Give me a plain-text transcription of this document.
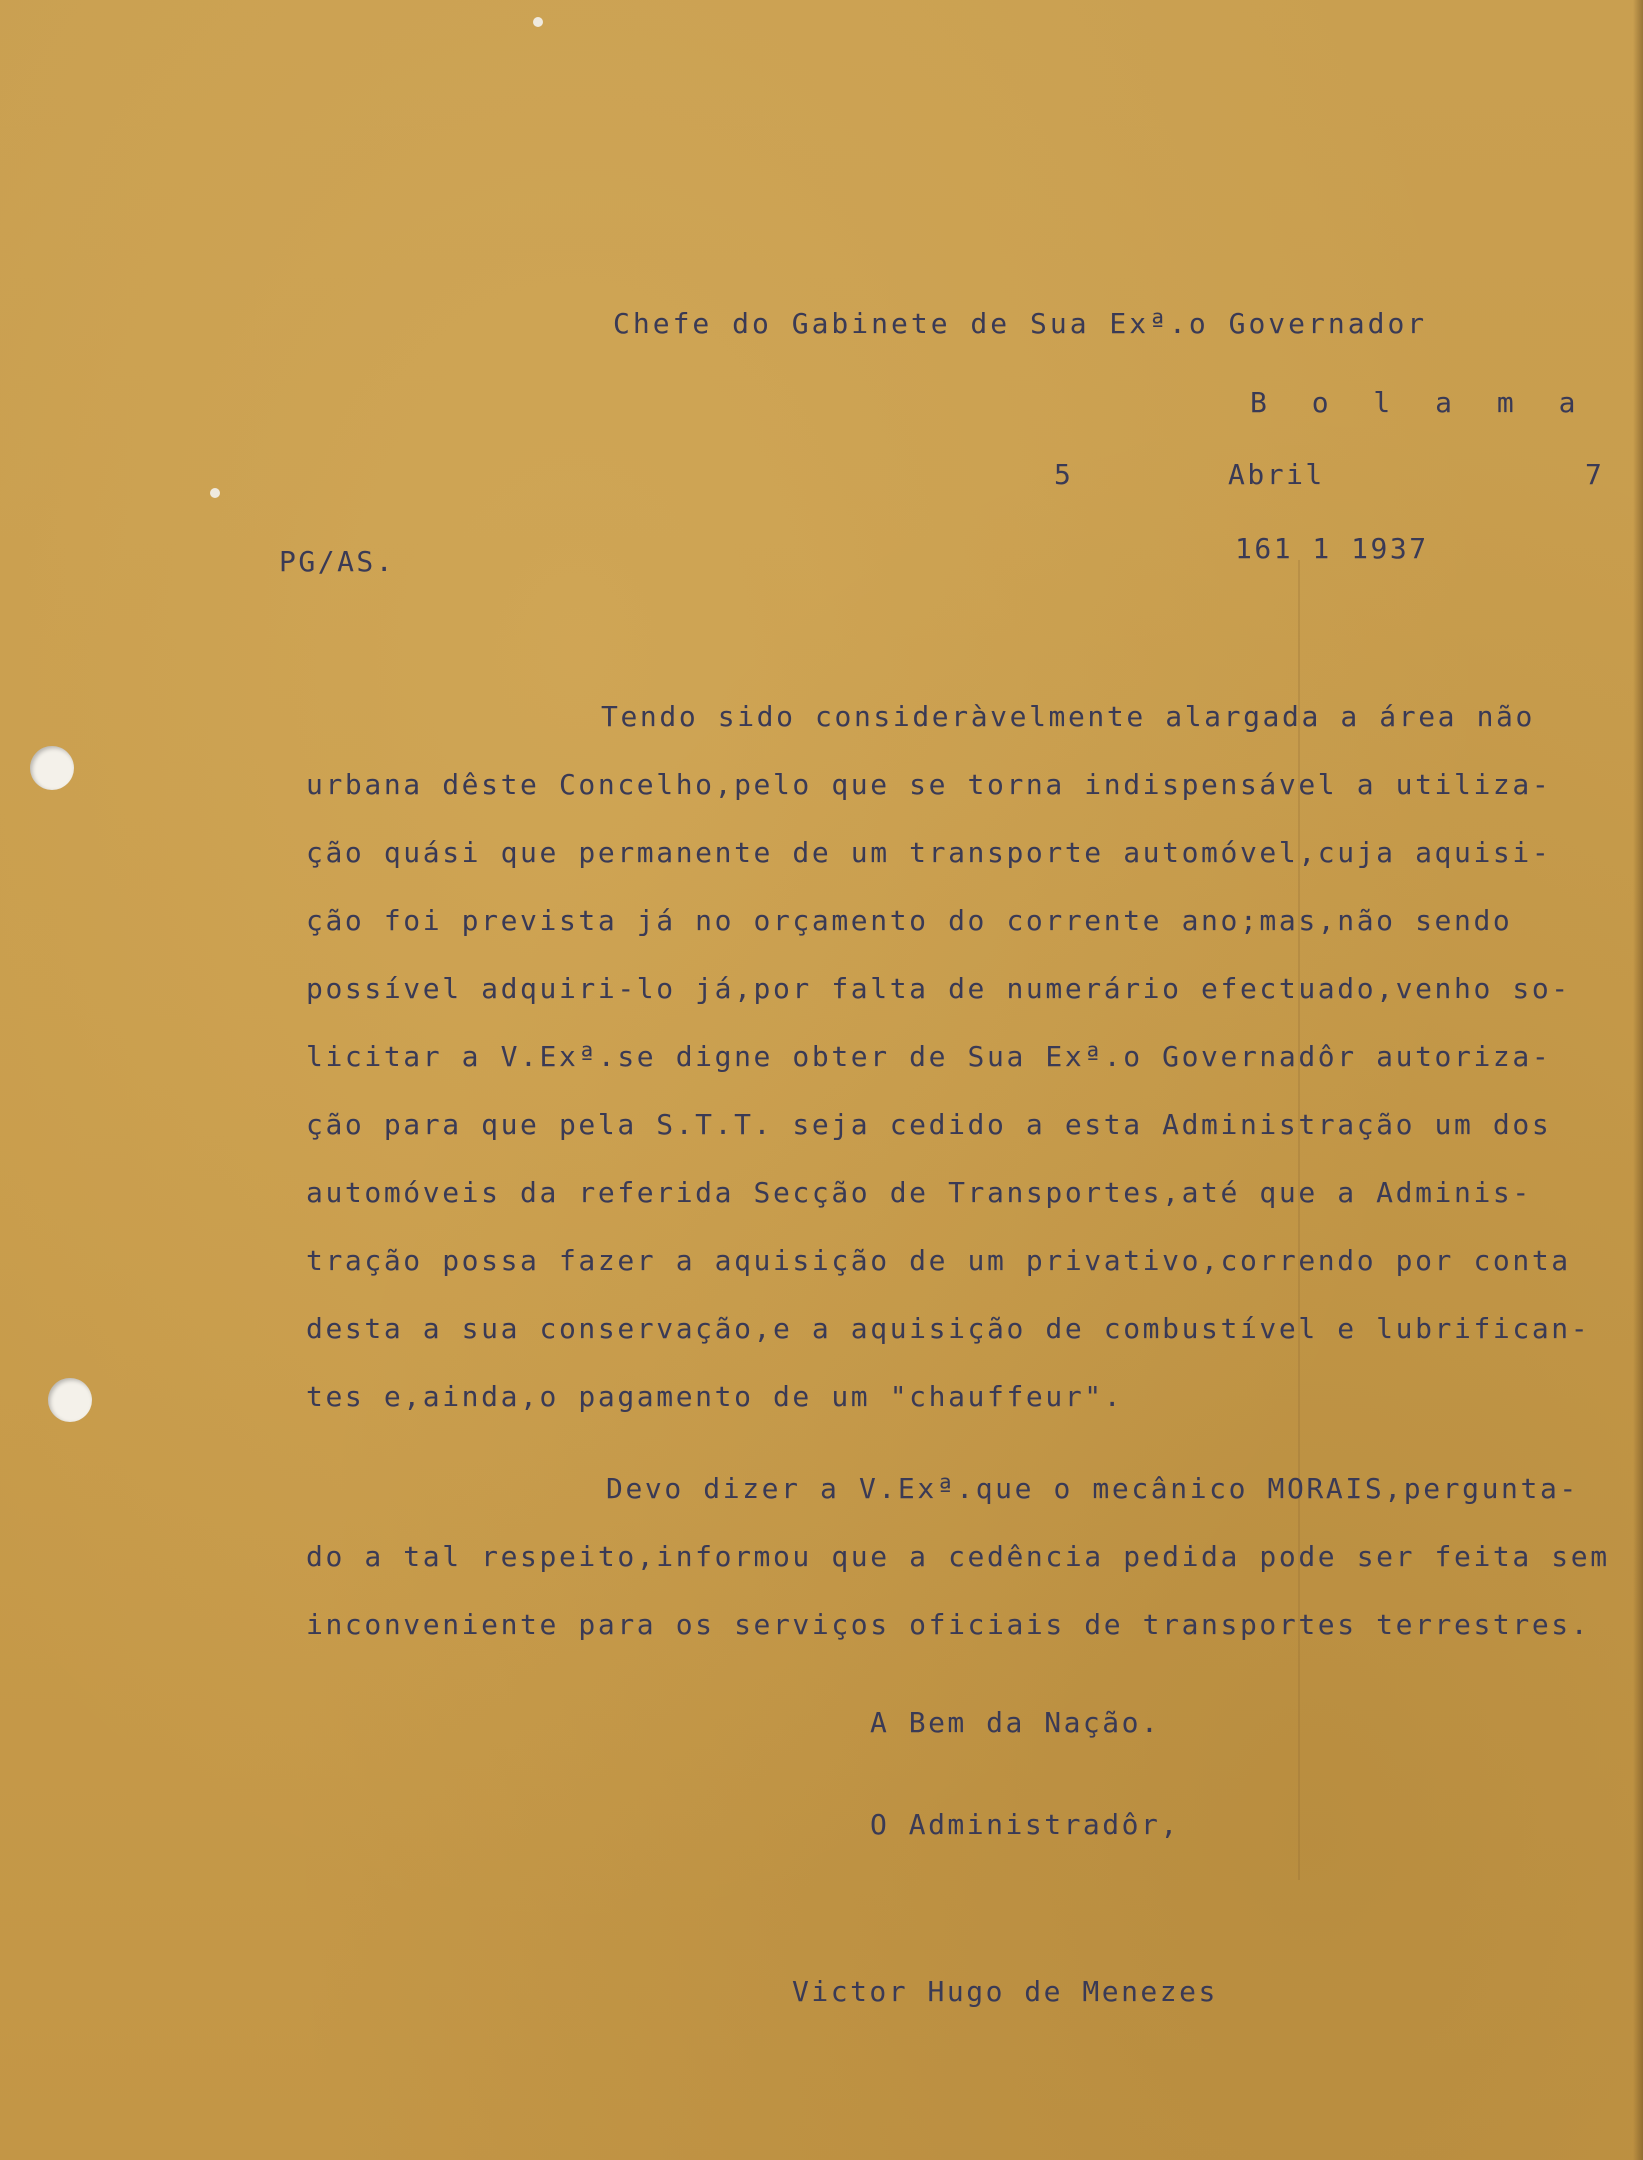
Chefe do Gabinete de Sua Exª.o Governador
B o l a m a
5	Abril	7
PG/AS.	161 1 1937
Tendo sido consideràvelmente alargada a área não
urbana dêste Concelho,pelo que se torna indispensável a utiliza-
ção quási que permanente de um transporte automóvel,cuja aquisi-
ção foi prevista já no orçamento do corrente ano;mas,não sendo
possível adquiri-lo já,por falta de numerário efectuado,venho so-
licitar a V.Exª.se digne obter de Sua Exª.o Governadôr autoriza-
ção para que pela S.T.T. seja cedido a esta Administração um dos
automóveis da referida Secção de Transportes,até que a Adminis-
tração possa fazer a aquisição de um privativo,correndo por conta
desta a sua conservação,e a aquisição de combustível e lubrifican-
tes e,ainda,o pagamento de um "chauffeur".
Devo dizer a V.Exª.que o mecânico MORAIS,pergunta-
do a tal respeito,informou que a cedência pedida pode ser feita sem
inconveniente para os serviços oficiais de transportes terrestres.
A Bem da Nação.
O Administradôr,
Victor Hugo de Menezes
